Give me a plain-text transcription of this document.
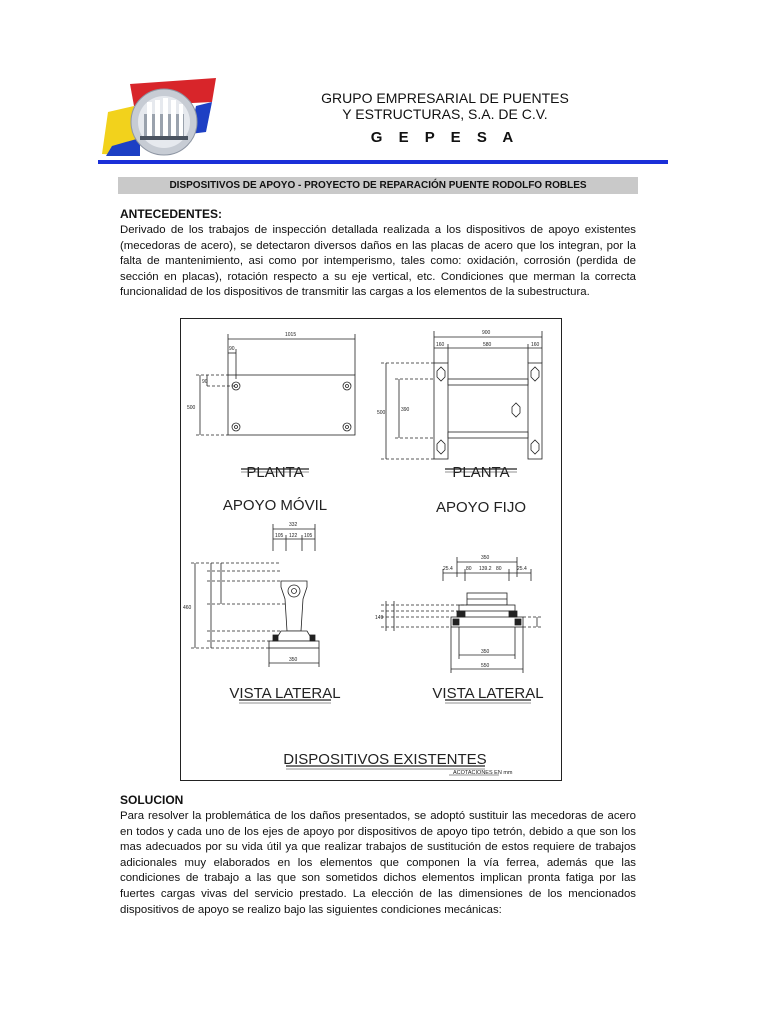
GRUPO EMPRESARIAL DE PUENTES
Y ESTRUCTURAS, S.A. DE C.V.
G E P E S A
DISPOSITIVOS DE APOYO - PROYECTO DE REPARACIÓN PUENTE RODOLFO ROBLES
ANTECEDENTES:
Derivado de los trabajos de inspección detallada realizada a los dispositivos de apoyo existentes (mecedoras de acero), se detectaron diversos daños en las placas de acero que los integran, por la falta de mantenimiento, asi como por intemperismo, tales como: oxidación, corrosión (perdida de sección en placas), rotación respecto a su eje vertical, etc. Condiciones que merman la correcta funcionalidad de los dispositivos de transmitir las cargas a los elementos de la subestructura.
1015
90
500
90
900
160	580	160
500	390
332
105 122 105
460
350
350
25.4	80 139.2 80	25.4
149
350
550
PLANTA
APOYO MÓVIL
PLANTA
APOYO FIJO
VISTA LATERAL	VISTA LATERAL
DISPOSITIVOS EXISTENTES
ACOTACIONES EN mm
SOLUCION
Para resolver la problemática de los daños presentados, se adoptó sustituir las mecedoras de acero en todos y cada uno de los ejes de apoyo por dispositivos de apoyo tipo tetrón, debido a que son los mas adecuados por su vida útil ya que realizar trabajos de sustitución de estos requiere de trabajos adicionales muy elaborados en los elementos que componen la vía ferrea, además que las condiciones de trabajo a las que son sometidos dichos elementos implican pronta fatiga por las fuertes cargas vivas del servicio prestado. La elección de las dimensiones de los mencionados dispositivos de apoyo se realizo bajo las siguientes condiciones mecánicas:
